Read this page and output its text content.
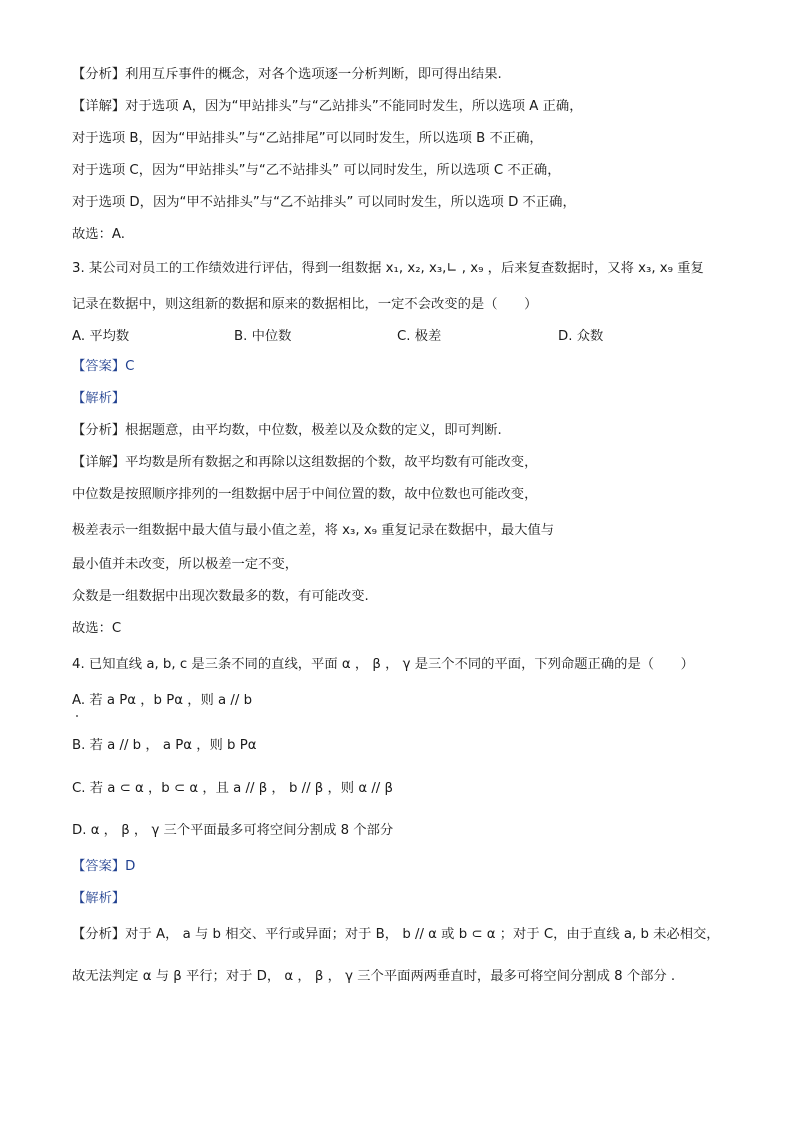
【分析】利用互斥事件的概念，对各个选项逐一分析判断，即可得出结果.
【详解】对于选项 A，因为“甲站排头”与“乙站排头”不能同时发生，所以选项 A 正确，
对于选项 B，因为“甲站排头”与“乙站排尾”可以同时发生，所以选项 B 不正确，
对于选项 C，因为“甲站排头”与“乙不站排头” 可以同时发生，所以选项 C 不正确，
对于选项 D，因为“甲不站排头”与“乙不站排头” 可以同时发生，所以选项 D 不正确，
故选：A.
3. 某公司对员工的工作绩效进行评估，得到一组数据 x₁, x₂, x₃,∟ , x₉ ，后来复查数据时，又将 x₃, x₉ 重复
记录在数据中，则这组新的数据和原来的数据相比，一定不会改变的是（　　）
A. 平均数	B. 中位数	C. 极差	D. 众数
【答案】C
【解析】
【分析】根据题意，由平均数，中位数，极差以及众数的定义，即可判断.
【详解】平均数是所有数据之和再除以这组数据的个数，故平均数有可能改变，
中位数是按照顺序排列的一组数据中居于中间位置的数，故中位数也可能改变，
极差表示一组数据中最大值与最小值之差，将 x₃, x₉ 重复记录在数据中，最大值与
最小值并未改变，所以极差一定不变，
众数是一组数据中出现次数最多的数，有可能改变.
故选：C
4. 已知直线 a, b, c 是三条不同的直线，平面 α ， β ， γ 是三个不同的平面，下列命题正确的是（　　）
A. 若 a Pα ，b Pα ，则 a // b
B. 若 a // b ， a Pα ，则 b Pα
C. 若 a ⊂ α ，b ⊂ α ，且 a // β ， b // β ，则 α // β
D. α ， β ， γ 三个平面最多可将空间分割成 8 个部分
【答案】D
【解析】
【分析】对于 A， a 与 b 相交、平行或异面；对于 B， b // α 或 b ⊂ α ；对于 C，由于直线 a, b 未必相交，
故无法判定 α 与 β 平行；对于 D， α ， β ， γ 三个平面两两垂直时，最多可将空间分割成 8 个部分 .
